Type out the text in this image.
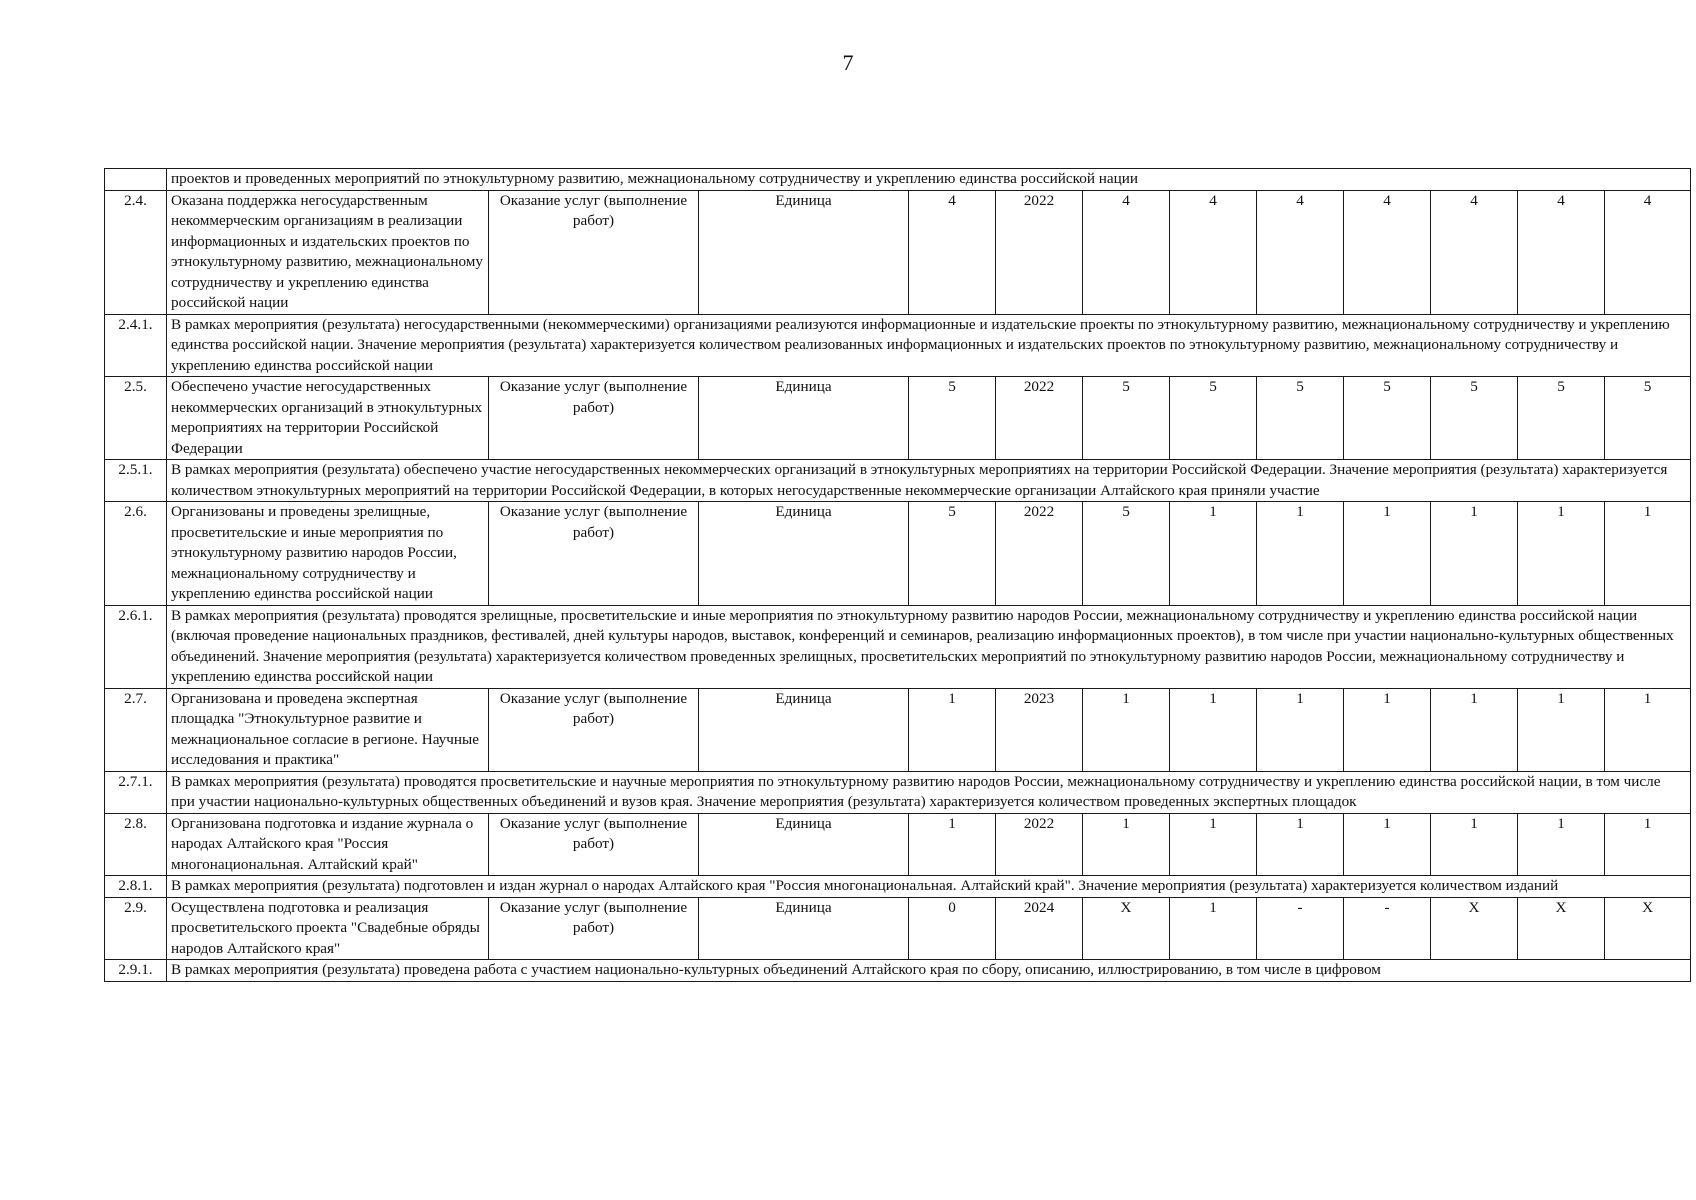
7
	проектов и проведенных мероприятий по этнокультурному развитию, межнациональному сотрудничеству и укреплению единства российской нации											
2.4.	Оказана поддержка негосударственным некоммерческим организациям в реализации информационных и издательских проектов по этнокультурному развитию, межнациональному сотрудничеству и укреплению единства российской нации	Оказание услуг (выполнение работ)	Единица	4	2022	4	4	4	4	4	4	4
2.4.1.	В рамках мероприятия (результата) негосударственными (некоммерческими) организациями реализуются информационные и издательские проекты по этнокультурному развитию, межнациональному сотрудничеству и укреплению единства российской нации. Значение мероприятия (результата) характеризуется количеством реализованных информационных и издательских проектов по этнокультурному развитию, межнациональному сотрудничеству и укреплению единства российской нации											
2.5.	Обеспечено участие негосударственных некоммерческих организаций в этнокультурных мероприятиях на территории Российской Федерации	Оказание услуг (выполнение работ)	Единица	5	2022	5	5	5	5	5	5	5
2.5.1.	В рамках мероприятия (результата) обеспечено участие негосударственных некоммерческих организаций в этнокультурных мероприятиях на территории Российской Федерации. Значение мероприятия (результата) характеризуется количеством этнокультурных мероприятий на территории Российской Федерации, в которых негосударственные некоммерческие организации Алтайского края приняли участие											
2.6.	Организованы и проведены зрелищные, просветительские и иные мероприятия по этнокультурному развитию народов России, межнациональному сотрудничеству и укреплению единства российской нации	Оказание услуг (выполнение работ)	Единица	5	2022	5	1	1	1	1	1	1
2.6.1.	В рамках мероприятия (результата) проводятся зрелищные, просветительские и иные мероприятия по этнокультурному развитию народов России, межнациональному сотрудничеству и укреплению единства российской нации (включая проведение национальных праздников, фестивалей, дней культуры народов, выставок, конференций и семинаров, реализацию информационных проектов), в том числе при участии национально-культурных общественных объединений. Значение мероприятия (результата) характеризуется количеством проведенных зрелищных, просветительских мероприятий по этнокультурному развитию народов России, межнациональному сотрудничеству и укреплению единства российской нации											
2.7.	Организована и проведена экспертная площадка "Этнокультурное развитие и межнациональное согласие в регионе. Научные исследования и практика"	Оказание услуг (выполнение работ)	Единица	1	2023	1	1	1	1	1	1	1
2.7.1.	В рамках мероприятия (результата) проводятся просветительские и научные мероприятия по этнокультурному развитию народов России, межнациональному сотрудничеству и укреплению единства российской нации, в том числе при участии национально-культурных общественных объединений и вузов края. Значение мероприятия (результата) характеризуется количеством проведенных экспертных площадок											
2.8.	Организована подготовка и издание журнала о народах Алтайского края "Россия многонациональная. Алтайский край"	Оказание услуг (выполнение работ)	Единица	1	2022	1	1	1	1	1	1	1
2.8.1.	В рамках мероприятия (результата) подготовлен и издан журнал о народах Алтайского края "Россия многонациональная. Алтайский край". Значение мероприятия (результата) характеризуется количеством изданий											
2.9.	Осуществлена подготовка и реализация просветительского проекта "Свадебные обряды народов Алтайского края"	Оказание услуг (выполнение работ)	Единица	0	2024	X	1	-	-	X	X	X
2.9.1.	В рамках мероприятия (результата) проведена работа с участием национально-культурных объединений Алтайского края по сбору, описанию, иллюстрированию, в том числе в цифровом											
